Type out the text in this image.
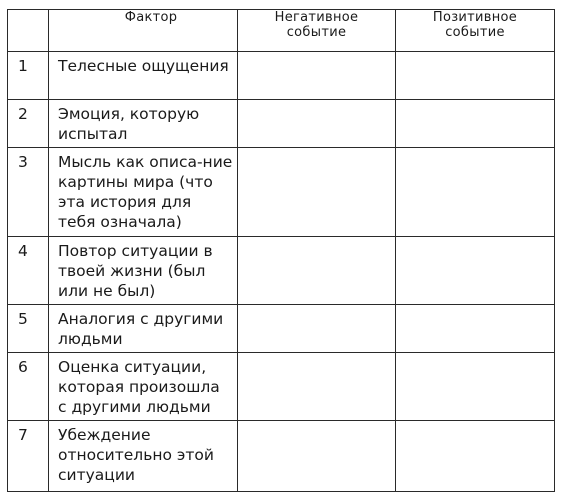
	Фактор	Негативное событие	Позитивное событие
1	Телесные ощущения		
2	Эмоция, которую испытал		
3	Мысль как описа-ние картины мира (что эта история для тебя означала)		
4	Повтор ситуации в твоей жизни (был или не был)		
5	Аналогия с другими людьми		
6	Оценка ситуации, которая произошла с другими людьми		
7	Убеждение относительно этой ситуации		
